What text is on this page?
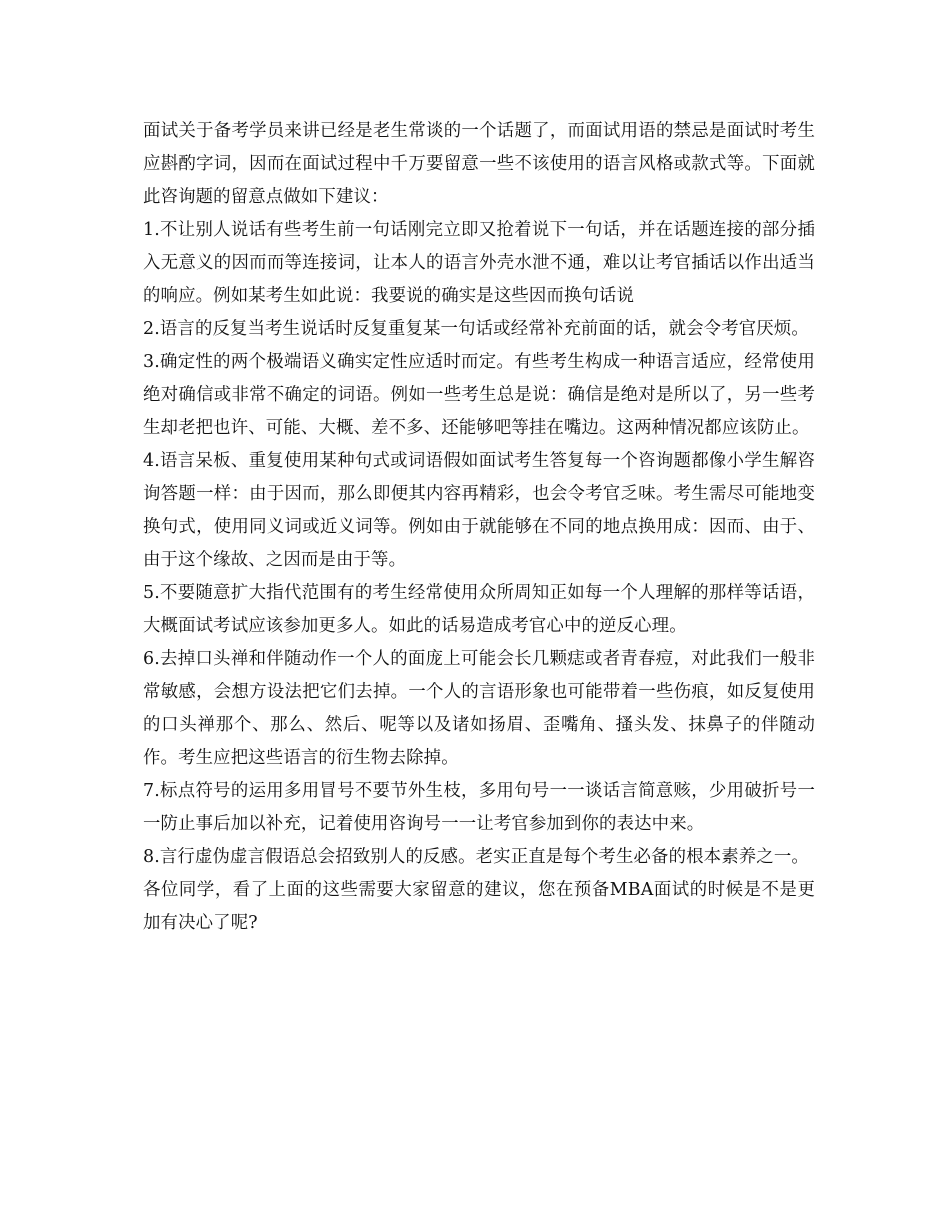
面试关于备考学员来讲已经是老生常谈的一个话题了，而面试用语的禁忌是面试时考生应斟酌字词，因而在面试过程中千万要留意一些不该使用的语言风格或款式等。下面就此咨询题的留意点做如下建议：

1.不让别人说话有些考生前一句话刚完立即又抢着说下一句话，并在话题连接的部分插入无意义的因而而等连接词，让本人的语言外壳水泄不通，难以让考官插话以作出适当的响应。例如某考生如此说：我要说的确实是这些因而换句话说

2.语言的反复当考生说话时反复重复某一句话或经常补充前面的话，就会令考官厌烦。

3.确定性的两个极端语义确实定性应适时而定。有些考生构成一种语言适应，经常使用绝对确信或非常不确定的词语。例如一些考生总是说：确信是绝对是所以了，另一些考生却老把也许、可能、大概、差不多、还能够吧等挂在嘴边。这两种情况都应该防止。

4.语言呆板、重复使用某种句式或词语假如面试考生答复每一个咨询题都像小学生解咨询答题一样：由于因而，那么即便其内容再精彩，也会令考官乏味。考生需尽可能地变换句式，使用同义词或近义词等。例如由于就能够在不同的地点换用成：因而、由于、由于这个缘故、之因而是由于等。

5.不要随意扩大指代范围有的考生经常使用众所周知正如每一个人理解的那样等话语，大概面试考试应该参加更多人。如此的话易造成考官心中的逆反心理。

6.去掉口头禅和伴随动作一个人的面庞上可能会长几颗痣或者青春痘，对此我们一般非常敏感，会想方设法把它们去掉。一个人的言语形象也可能带着一些伤痕，如反复使用的口头禅那个、那么、然后、呢等以及诸如扬眉、歪嘴角、搔头发、抹鼻子的伴随动作。考生应把这些语言的衍生物去除掉。

7.标点符号的运用多用冒号不要节外生枝，多用句号一一谈话言简意赅，少用破折号一一防止事后加以补充，记着使用咨询号一一让考官参加到你的表达中来。

8.言行虚伪虚言假语总会招致别人的反感。老实正直是每个考生必备的根本素养之一。

各位同学，看了上面的这些需要大家留意的建议，您在预备MBA面试的时候是不是更加有决心了呢?
